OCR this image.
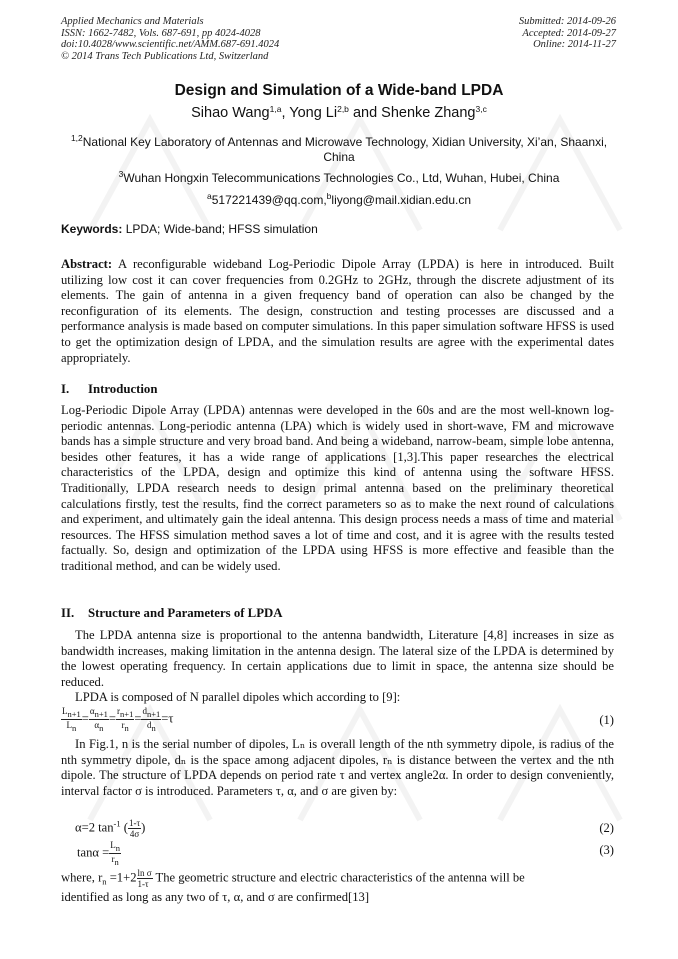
Applied Mechanics and Materials
ISSN: 1662-7482, Vols. 687-691, pp 4024-4028
doi:10.4028/www.scientific.net/AMM.687-691.4024
© 2014 Trans Tech Publications Ltd, Switzerland
Submitted: 2014-09-26
Accepted: 2014-09-27
Online: 2014-11-27
Design and Simulation of a Wide-band LPDA
Sihao Wang$^{1,a}$, Yong Li$^{2,b}$ and Shenke Zhang$^{3,c}$
$^{1,2}$National Key Laboratory of Antennas and Microwave Technology, Xidian University, Xi’an, Shaanxi, China
$^3$Wuhan Hongxin Telecommunications Technologies Co., Ltd, Wuhan, Hubei, China
$^a$517221439@qq.com,$^b$liyong@mail.xidian.edu.cn
Keywords: LPDA; Wide-band; HFSS simulation
Abstract: A reconfigurable wideband Log-Periodic Dipole Array (LPDA) is here in introduced. Built utilizing low cost it can cover frequencies from 0.2GHz to 2GHz, through the discrete adjustment of its elements. The gain of antenna in a given frequency band of operation can also be changed by the reconfiguration of its elements. The design, construction and testing processes are discussed and a performance analysis is made based on computer simulations. In this paper simulation software HFSS is used to get the optimization design of LPDA, and the simulation results are agree with the experimental dates appropriately.
I. Introduction
Log-Periodic Dipole Array (LPDA) antennas were developed in the 60s and are the most well-known log-periodic antennas. Long-periodic antenna (LPA) which is widely used in short-wave, FM and microwave bands has a simple structure and very broad band. And being a wideband, narrow-beam, simple lobe antenna, besides other features, it has a wide range of applications [1,3].This paper researches the electrical characteristics of the LPDA, design and optimize this kind of antenna using the software HFSS. Traditionally, LPDA research needs to design primal antenna based on the preliminary theoretical calculations firstly, test the results, find the correct parameters so as to make the next round of calculations and experiment, and ultimately gain the ideal antenna. This design process needs a mass of time and material resources. The HFSS simulation method saves a lot of time and cost, and it is agree with the results tested factually. So, design and optimization of the LPDA using HFSS is more effective and feasible than the traditional method, and can be widely used.
II. Structure and Parameters of LPDA
The LPDA antenna size is proportional to the antenna bandwidth, Literature [4,8] increases in size as bandwidth increases, making limitation in the antenna design. The lateral size of the LPDA is determined by the lowest operating frequency. In certain applications due to limit in space, the antenna size should be reduced.
LPDA is composed of N parallel dipoles which according to [9]:
$\frac{Ln+1}{Ln} = \frac{\alpha n+1}{\alpha n} = \frac{rn+1}{rn} = \frac{dn+1}{dn} =\tau$	(1)
In Fig.1, n is the serial number of dipoles, Lₙ is overall length of the nth symmetry dipole, is radius of the nth symmetry dipole, dₙ is the space among adjacent dipoles, rₙ is distance between the vertex and the nth dipole. The structure of LPDA depends on period rate τ and vertex angle2α. In order to design conveniently, interval factor σ is introduced. Parameters τ, α, and σ are given by:
α=2 $\tan^{-1}$ ( $\frac{1-\tau}{4\sigma}$ )	(2)
$\tan\alpha = \frac{Ln}{rn}$	(3)
where, $r_n =1+2 \frac{\text{ln σ}}{1-\tau}$ The geometric structure and electric characteristics of the antenna will be
identified as long as any two of τ, α, and σ are confirmed[13]
